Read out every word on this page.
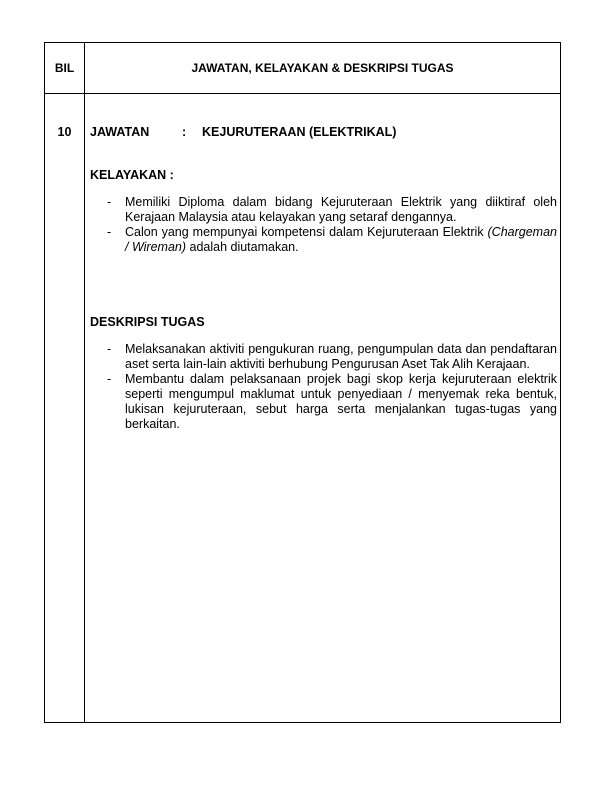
BIL	JAWATAN, KELAYAKAN & DESKRIPSI TUGAS
10	JAWATAN	: KEJURUTERAAN (ELEKTRIKAL)
KELAYAKAN :
- Memiliki Diploma dalam bidang Kejuruteraan Elektrik yang diiktiraf oleh Kerajaan Malaysia atau kelayakan yang setaraf dengannya.
- Calon yang mempunyai kompetensi dalam Kejuruteraan Elektrik (Chargeman / Wireman) adalah diutamakan.
DESKRIPSI TUGAS
- Melaksanakan aktiviti pengukuran ruang, pengumpulan data dan pendaftaran aset serta lain-lain aktiviti berhubung Pengurusan Aset Tak Alih Kerajaan.
- Membantu dalam pelaksanaan projek bagi skop kerja kejuruteraan elektrik seperti mengumpul maklumat untuk penyediaan / menyemak reka bentuk, lukisan kejuruteraan, sebut harga serta menjalankan tugas-tugas yang berkaitan.
